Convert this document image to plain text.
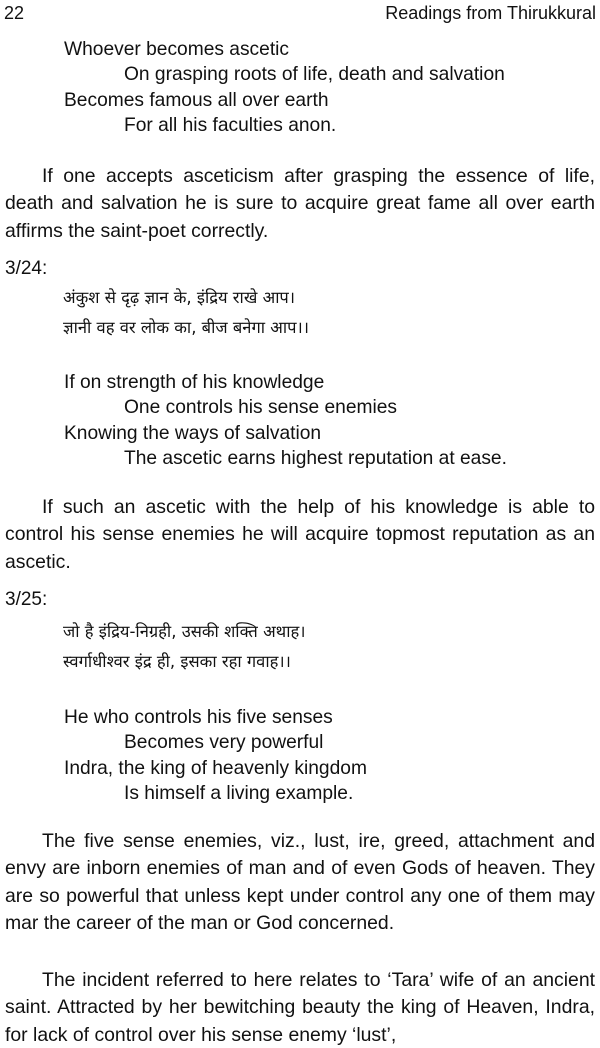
22	Readings from Thirukkural
Whoever becomes ascetic
On grasping roots of life, death and salvation
Becomes famous all over earth
For all his faculties anon.
If one accepts asceticism after grasping the essence of life, death and salvation he is sure to acquire great fame all over earth affirms the saint-poet correctly.
3/24:
अंकुश से दृढ़ ज्ञान के, इंद्रिय राखे आप।
ज्ञानी वह वर लोक का, बीज बनेगा आप।।
If on strength of his knowledge
One controls his sense enemies
Knowing the ways of salvation
The ascetic earns highest reputation at ease.
If such an ascetic with the help of his knowledge is able to control his sense enemies he will acquire topmost reputation as an ascetic.
3/25:
जो है इंद्रिय-निग्रही, उसकी शक्ति अथाह।
स्वर्गाधीश्वर इंद्र ही, इसका रहा गवाह।।
He who controls his five senses
Becomes very powerful
Indra, the king of heavenly kingdom
Is himself a living example.
The five sense enemies, viz., lust, ire, greed, attachment and envy are inborn enemies of man and of even Gods of heaven. They are so powerful that unless kept under control any one of them may mar the career of the man or God concerned.
The incident referred to here relates to ‘Tara’ wife of an ancient saint. Attracted by her bewitching beauty the king of Heaven, Indra, for lack of control over his sense enemy ‘lust’,
